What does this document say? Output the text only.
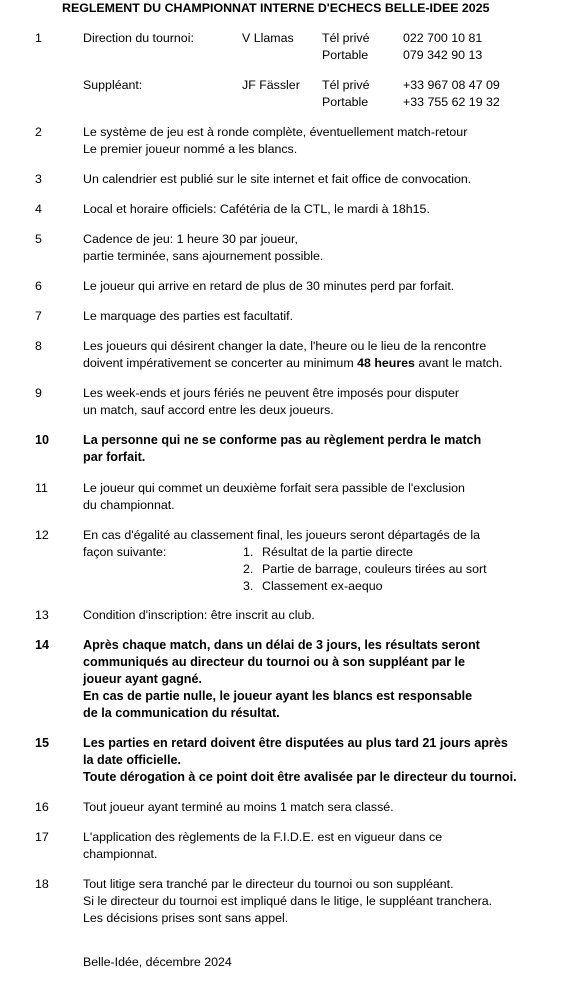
REGLEMENT DU CHAMPIONNAT INTERNE D'ECHECS BELLE-IDEE 2025
1	Direction du tournoi:	V Llamas Tél privé	022 700 10 81
Portable	079 342 90 13
Suppléant:	JF Fässler Tél privé	+33 967 08 47 09
Portable	+33 755 62 19 32
2	Le système de jeu est à ronde complète, éventuellement match-retour
Le premier joueur nommé a les blancs.
3	Un calendrier est publié sur le site internet et fait office de convocation.
4	Local et horaire officiels: Cafétéria de la CTL, le mardi à 18h15.
5	Cadence de jeu: 1 heure 30 par joueur,
partie terminée, sans ajournement possible.
6	Le joueur qui arrive en retard de plus de 30 minutes perd par forfait.
7	Le marquage des parties est facultatif.
8	Les joueurs qui désirent changer la date, l'heure ou le lieu de la rencontre
doivent impérativement se concerter au minimum 48 heures avant le match.
9	Les week-ends et jours fériés ne peuvent être imposés pour disputer
un match, sauf accord entre les deux joueurs.
10	La personne qui ne se conforme pas au règlement perdra le match
par forfait.
11	Le joueur qui commet un deuxième forfait sera passible de l'exclusion
du championnat.
12	En cas d'égalité au classement final, les joueurs seront départagés de la
façon suivante:	1. Résultat de la partie directe
2. Partie de barrage, couleurs tirées au sort
3. Classement ex-aequo
13	Condition d'inscription: être inscrit au club.
14	Après chaque match, dans un délai de 3 jours, les résultats seront
communiqués au directeur du tournoi ou à son suppléant par le
joueur ayant gagné.
En cas de partie nulle, le joueur ayant les blancs est responsable
de la communication du résultat.
15	Les parties en retard doivent être disputées au plus tard 21 jours après
la date officielle.
Toute dérogation à ce point doit être avalisée par le directeur du tournoi.
16	Tout joueur ayant terminé au moins 1 match sera classé.
17	L'application des règlements de la F.I.D.E. est en vigueur dans ce
championnat.
18	Tout litige sera tranché par le directeur du tournoi ou son suppléant.
Si le directeur du tournoi est impliqué dans le litige, le suppléant tranchera.
Les décisions prises sont sans appel.
Belle-Idée, décembre 2024
